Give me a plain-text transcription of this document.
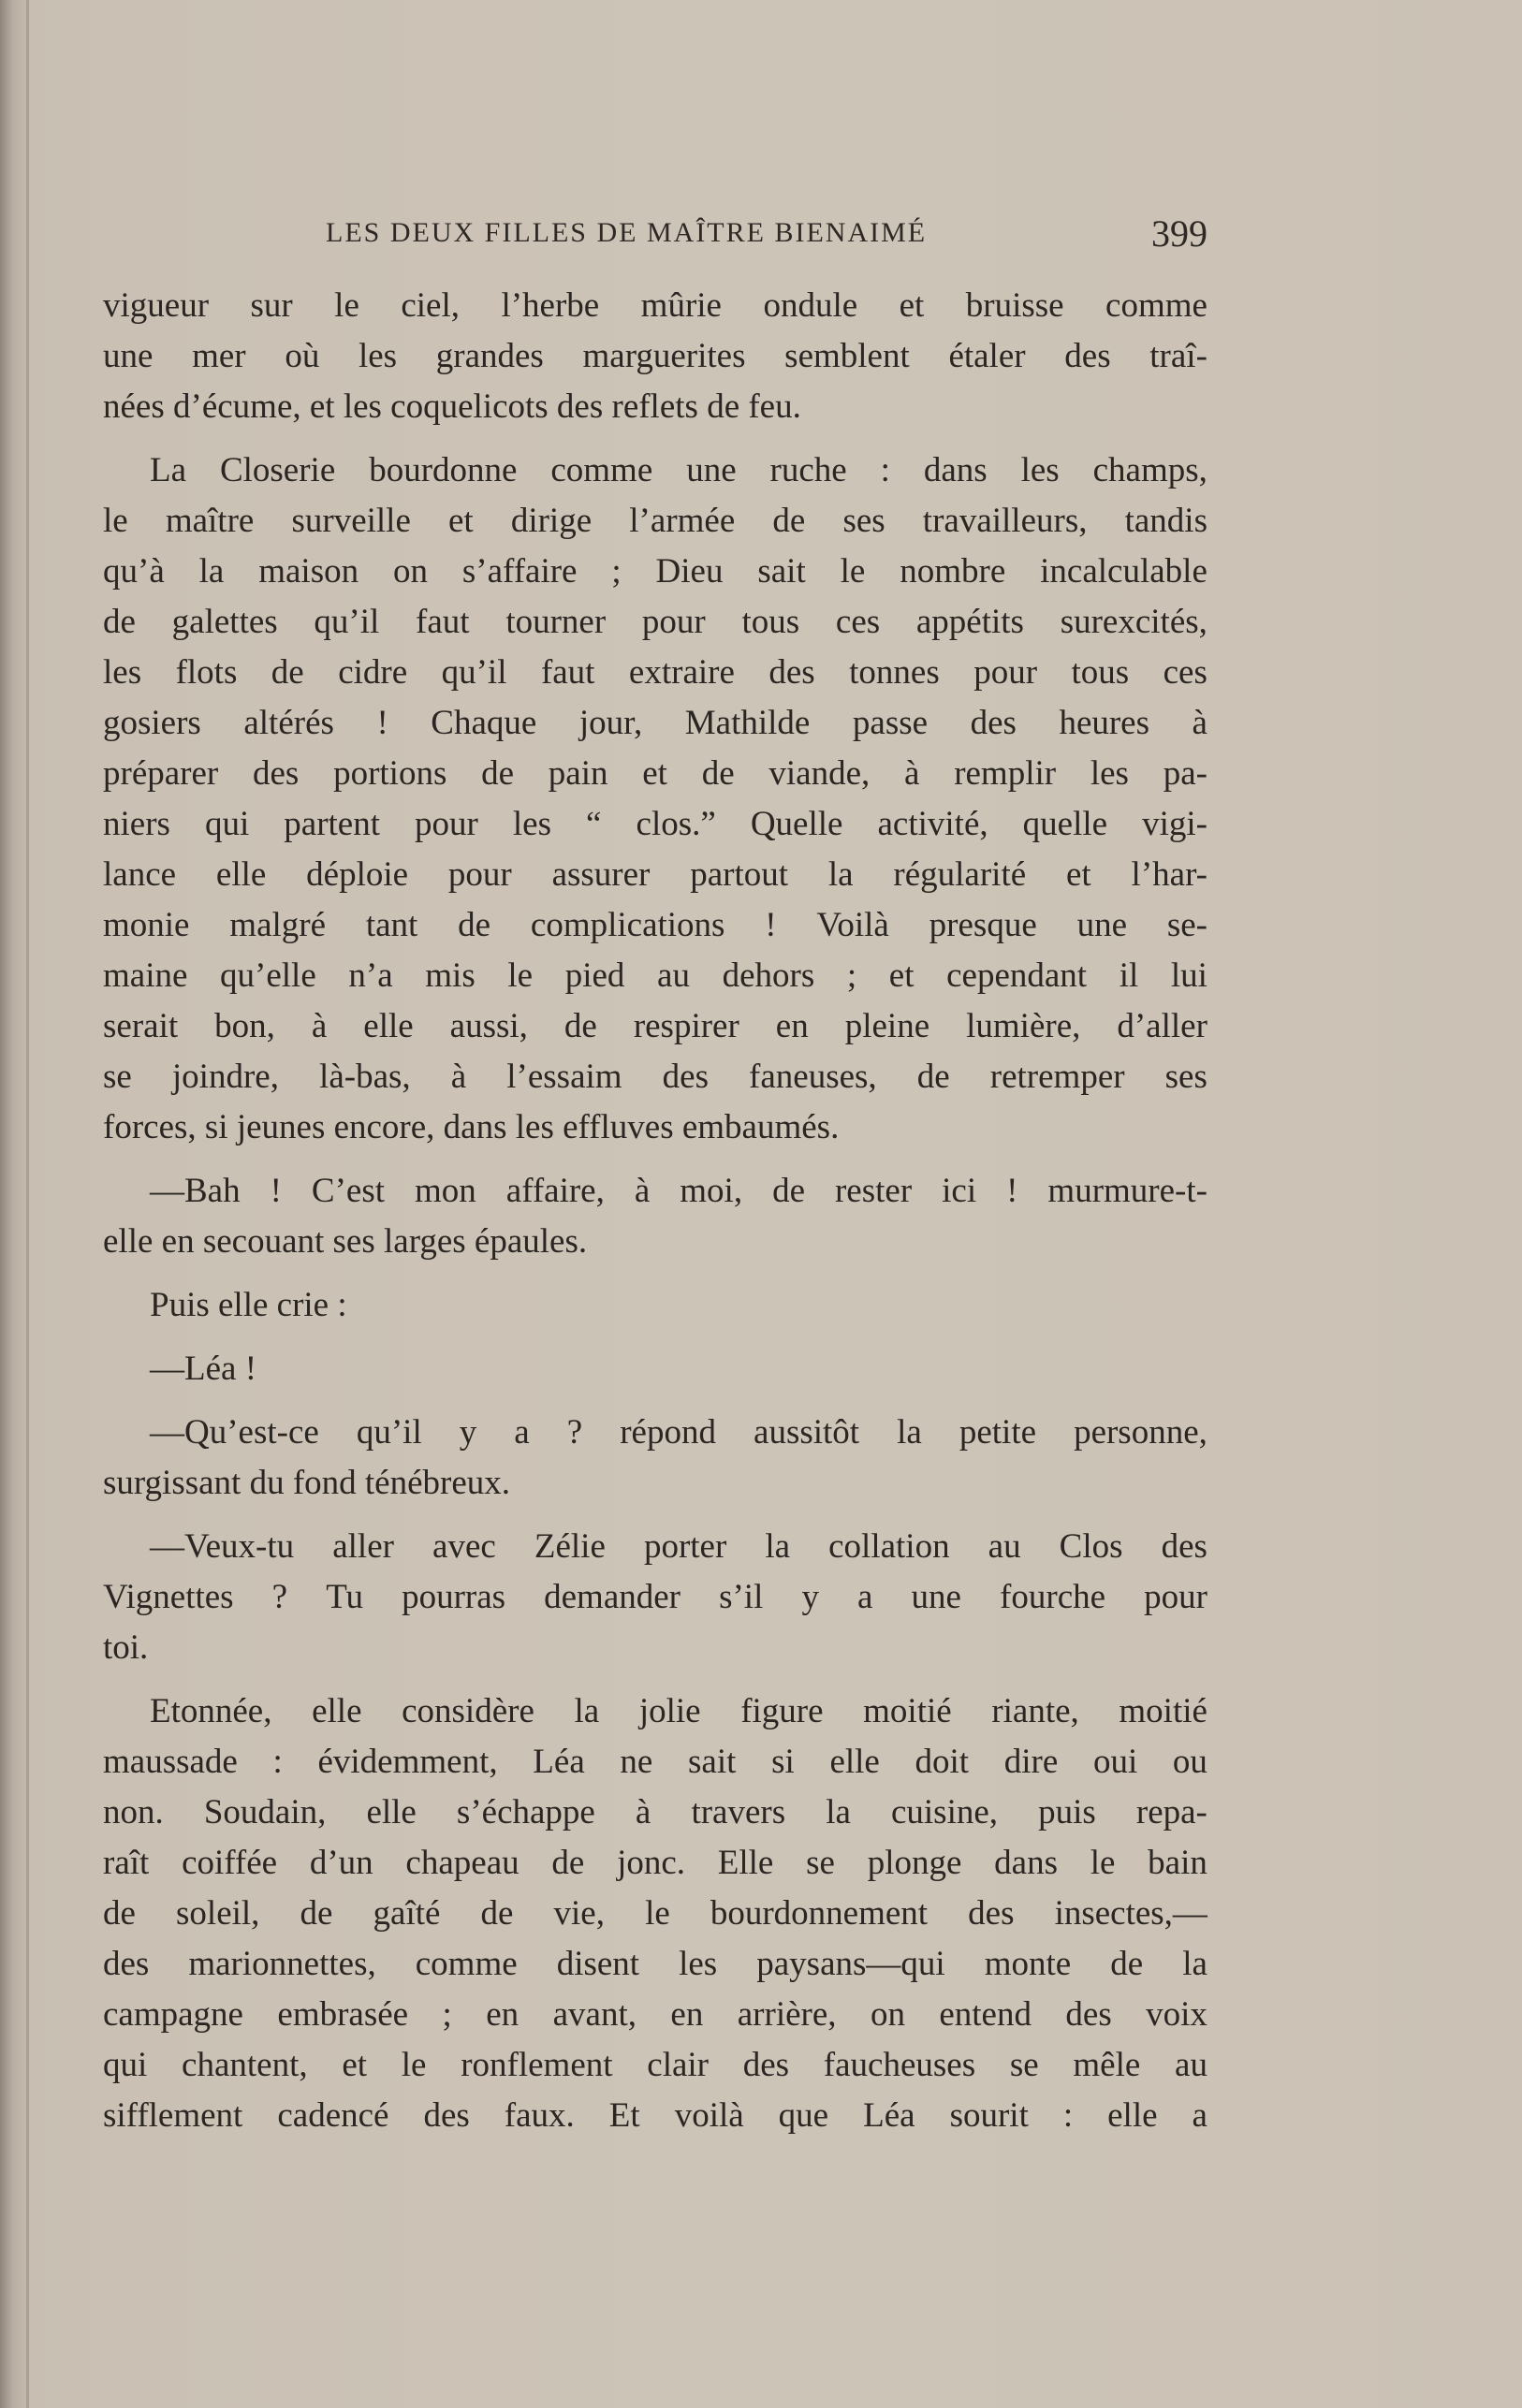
LES DEUX FILLES DE MAÎTRE BIENAIMÉ	399
vigueur sur le ciel, l’herbe mûrie ondule et bruisse comme
une mer où les grandes marguerites semblent étaler des traî-
nées d’écume, et les coquelicots des reflets de feu.
La Closerie bourdonne comme une ruche : dans les champs,
le maître surveille et dirige l’armée de ses travailleurs, tandis
qu’à la maison on s’affaire ; Dieu sait le nombre incalculable
de galettes qu’il faut tourner pour tous ces appétits surexcités,
les flots de cidre qu’il faut extraire des tonnes pour tous ces
gosiers altérés ! Chaque jour, Mathilde passe des heures à
préparer des portions de pain et de viande, à remplir les pa-
niers qui partent pour les “ clos.” Quelle activité, quelle vigi-
lance elle déploie pour assurer partout la régularité et l’har-
monie malgré tant de complications ! Voilà presque une se-
maine qu’elle n’a mis le pied au dehors ; et cependant il lui
serait bon, à elle aussi, de respirer en pleine lumière, d’aller
se joindre, là-bas, à l’essaim des faneuses, de retremper ses
forces, si jeunes encore, dans les effluves embaumés.
—Bah ! C’est mon affaire, à moi, de rester ici ! murmure-t-
elle en secouant ses larges épaules.
Puis elle crie :
—Léa !
—Qu’est-ce qu’il y a ? répond aussitôt la petite personne,
surgissant du fond ténébreux.
—Veux-tu aller avec Zélie porter la collation au Clos des
Vignettes ? Tu pourras demander s’il y a une fourche pour
toi.
Etonnée, elle considère la jolie figure moitié riante, moitié
maussade : évidemment, Léa ne sait si elle doit dire oui ou
non. Soudain, elle s’échappe à travers la cuisine, puis repa-
raît coiffée d’un chapeau de jonc. Elle se plonge dans le bain
de soleil, de gaîté de vie, le bourdonnement des insectes,—
des marionnettes, comme disent les paysans—qui monte de la
campagne embrasée ; en avant, en arrière, on entend des voix
qui chantent, et le ronflement clair des faucheuses se mêle au
sifflement cadencé des faux. Et voilà que Léa sourit : elle a
